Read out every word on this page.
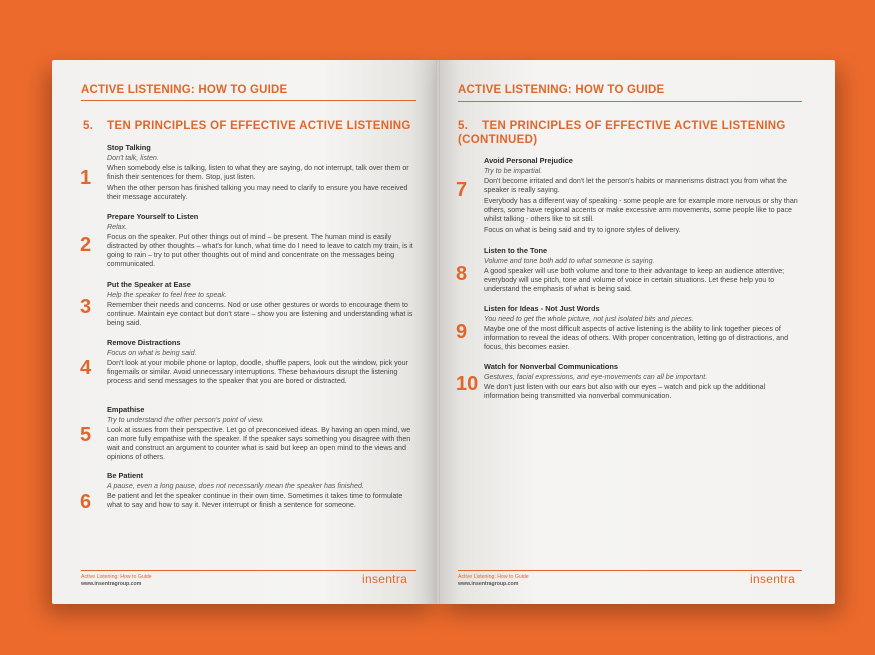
ACTIVE LISTENING: HOW TO GUIDE
5.    TEN PRINCIPLES OF EFFECTIVE ACTIVE LISTENING
1
Stop Talking
Don't talk, listen.

When somebody else is talking, listen to what they are saying, do not interrupt, talk over them or finish their sentences for them. Stop, just listen.

When the other person has finished talking you may need to clarify to ensure you have received their message accurately.

2
Prepare Yourself to Listen
Relax.

Focus on the speaker. Put other things out of mind – be present. The human mind is easily distracted by other thoughts – what's for lunch, what time do I need to leave to catch my train, is it going to rain – try to put other thoughts out of mind and concentrate on the messages being communicated.

3
Put the Speaker at Ease
Help the speaker to feel free to speak.

Remember their needs and concerns. Nod or use other gestures or words to encourage them to continue. Maintain eye contact but don't stare – show you are listening and understanding what is being said.

4
Remove Distractions
Focus on what is being said.

Don't look at your mobile phone or laptop, doodle, shuffle papers, look out the window, pick your fingernails or similar. Avoid unnecessary interruptions. These behaviours disrupt the listening process and send messages to the speaker that you are bored or distracted.

5
Empathise
Try to understand the other person's point of view.

Look at issues from their perspective. Let go of preconceived ideas. By having an open mind, we can more fully empathise with the speaker. If the speaker says something you disagree with then wait and construct an argument to counter what is said but keep an open mind to the views and opinions of others.

6
Be Patient
A pause, even a long pause, does not necessarily mean the speaker has finished.

Be patient and let the speaker continue in their own time. Sometimes it takes time to formulate what to say and how to say it. Never interrupt or finish a sentence for someone.

Active Listening: How to Guide
www.insentragroup.com	insentra
ACTIVE LISTENING: HOW TO GUIDE
5.    TEN PRINCIPLES OF EFFECTIVE ACTIVE LISTENING
(CONTINUED)
7
Avoid Personal Prejudice
Try to be impartial.

Don't become irritated and don't let the person's habits or mannerisms distract you from what the speaker is really saying.

Everybody has a different way of speaking - some people are for example more nervous or shy than others, some have regional accents or make excessive arm movements, some people like to pace whilst talking - others like to sit still.

Focus on what is being said and try to ignore styles of delivery.

8
Listen to the Tone
Volume and tone both add to what someone is saying.

A good speaker will use both volume and tone to their advantage to keep an audience attentive; everybody will use pitch, tone and volume of voice in certain situations. Let these help you to understand the emphasis of what is being said.

9
Listen for Ideas - Not Just Words
You need to get the whole picture, not just isolated bits and pieces.

Maybe one of the most difficult aspects of active listening is the ability to link together pieces of information to reveal the ideas of others. With proper concentration, letting go of distractions, and focus, this becomes easier.

10
Watch for Nonverbal Communications
Gestures, facial expressions, and eye-movements can all be important.

We don't just listen with our ears but also with our eyes – watch and pick up the additional information being transmitted via nonverbal communication.

Active Listening: How to Guide
www.insentragroup.com	insentra
